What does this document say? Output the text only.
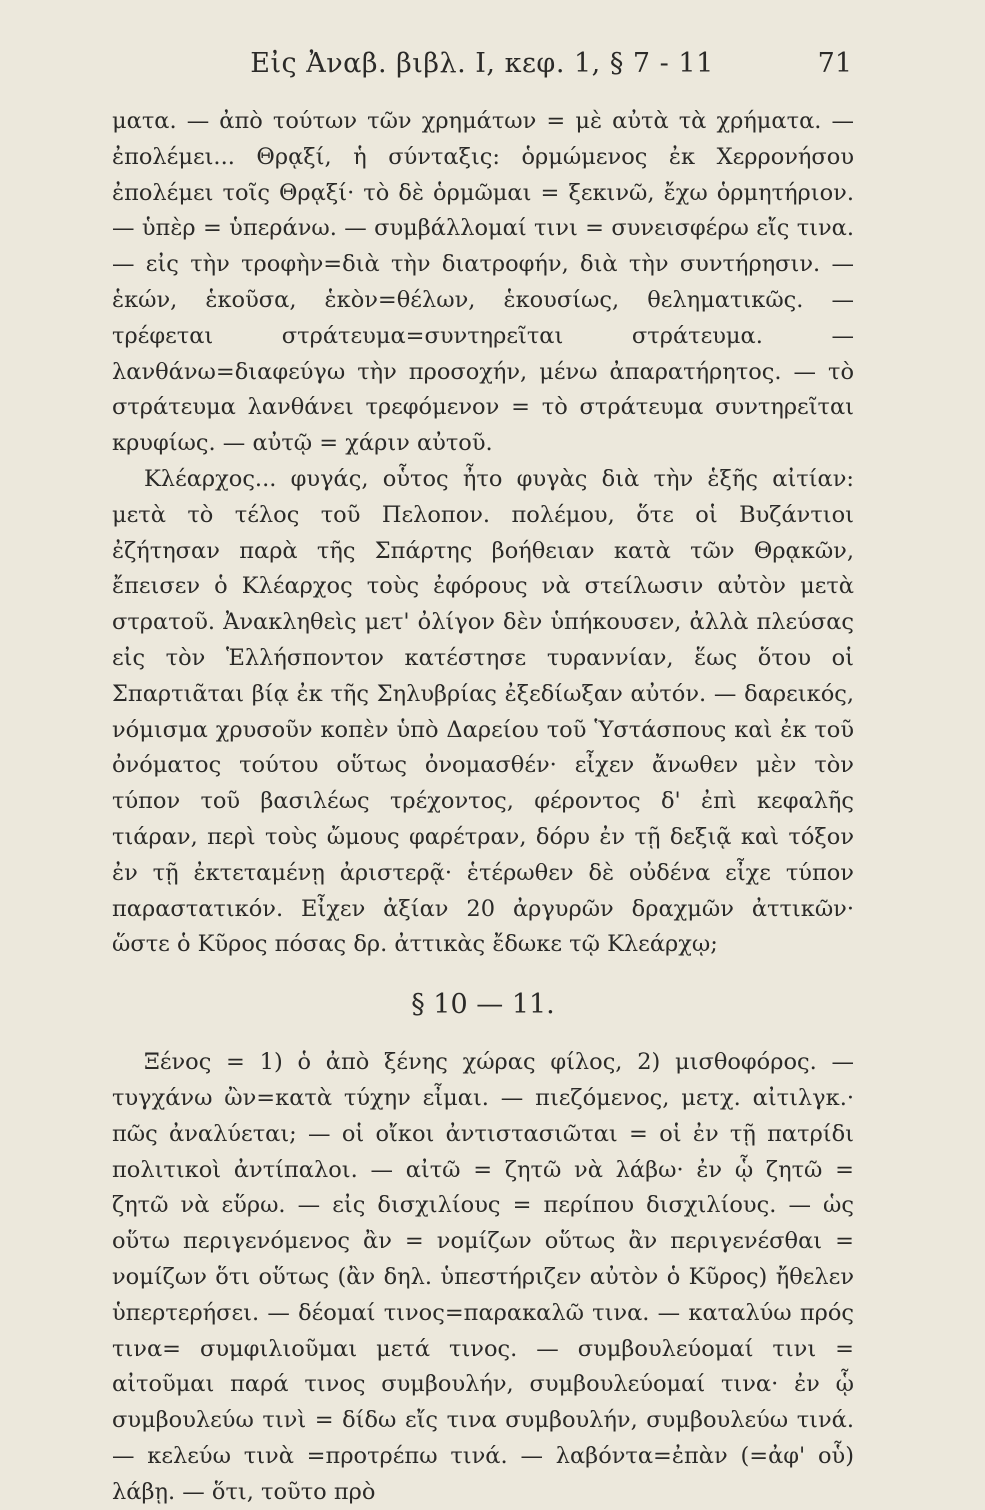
Εἰς Ἀναβ. βιβλ. I, κεφ. 1, § 7 - 11	71

ματα. — ἀπὸ τούτων τῶν χρημάτων = μὲ αὐτὰ τὰ χρήματα. — ἐπολέμει... Θρᾳξί, ἡ σύνταξις: ὁρμώμενος ἐκ Χερρονήσου ἐπολέμει τοῖς Θρᾳξί· τὸ δὲ ὁρμῶμαι = ξεκινῶ, ἔχω ὁρμητήριον. — ὑπὲρ = ὑπεράνω. — συμβάλλομαί τινι = συνεισφέρω εἴς τινα. — εἰς τὴν τροφὴν=διὰ τὴν διατροφήν, διὰ τὴν συντήρησιν. — ἑκών, ἑκοῦσα, ἑκὸν=θέλων, ἑκουσίως, θεληματικῶς. — τρέφεται στράτευμα=συντηρεῖται στράτευμα. — λανθάνω=διαφεύγω τὴν προσοχήν, μένω ἀπαρατήρητος. — τὸ στράτευμα λανθάνει τρεφόμενον = τὸ στράτευμα συντηρεῖται κρυφίως. — αὐτῷ = χάριν αὐτοῦ.

Κλέαρχος... φυγάς, οὗτος ἦτο φυγὰς διὰ τὴν ἑξῆς αἰτίαν: μετὰ τὸ τέλος τοῦ Πελοπον. πολέμου, ὅτε οἱ Βυζάντιοι ἐζήτησαν παρὰ τῆς Σπάρτης βοήθειαν κατὰ τῶν Θρᾳκῶν, ἔπεισεν ὁ Κλέαρχος τοὺς ἐφόρους νὰ στείλωσιν αὐτὸν μετὰ στρατοῦ. Ἀνακληθεὶς μετ' ὀλίγον δὲν ὑπήκουσεν, ἀλλὰ πλεύσας εἰς τὸν Ἑλλήσποντον κατέστησε τυραννίαν, ἕως ὅτου οἱ Σπαρτιᾶται βίᾳ ἐκ τῆς Σηλυβρίας ἐξεδίωξαν αὐτόν. — δαρεικός, νόμισμα χρυσοῦν κοπὲν ὑπὸ Δαρείου τοῦ Ὑστάσπους καὶ ἐκ τοῦ ὀνόματος τούτου οὕτως ὀνομασθέν· εἶχεν ἄνωθεν μὲν τὸν τύπον τοῦ βασιλέως τρέχοντος, φέροντος δ' ἐπὶ κεφαλῆς τιάραν, περὶ τοὺς ὤμους φαρέτραν, δόρυ ἐν τῇ δεξιᾷ καὶ τόξον ἐν τῇ ἐκτεταμένῃ ἀριστερᾷ· ἑτέρωθεν δὲ οὐδένα εἶχε τύπον παραστατικόν. Εἶχεν ἀξίαν 20 ἀργυρῶν δραχμῶν ἀττικῶν· ὥστε ὁ Κῦρος πόσας δρ. ἀττικὰς ἔδωκε τῷ Κλεάρχῳ;

§ 10 — 11.

Ξένος = 1) ὁ ἀπὸ ξένης χώρας φίλος, 2) μισθοφόρος. — τυγχάνω ὢν=κατὰ τύχην εἶμαι. — πιεζόμενος, μετχ. αἰτιλγκ.· πῶς ἀναλύεται; — οἱ οἴκοι ἀντιστασιῶται = οἱ ἐν τῇ πατρίδι πολιτικοὶ ἀντίπαλοι. — αἰτῶ = ζητῶ νὰ λάβω· ἐν ᾧ ζητῶ = ζητῶ νὰ εὕρω. — εἰς δισχιλίους = περίπου δισχιλίους. — ὡς οὕτω περιγενόμενος ἂν = νομίζων οὕτως ἂν περιγενέσθαι = νομίζων ὅτι οὕτως (ἂν δηλ. ὑπεστήριζεν αὐτὸν ὁ Κῦρος) ἤθελεν ὑπερτερήσει. — δέομαί τινος=παρακαλῶ τινα. — καταλύω πρός τινα= συμφιλιοῦμαι μετά τινος. — συμβουλεύομαί τινι = αἰτοῦμαι παρά τινος συμβουλήν, συμβουλεύομαί τινα· ἐν ᾧ συμβουλεύω τινὶ = δίδω εἴς τινα συμβουλήν, συμβουλεύω τινά. — κελεύω τινὰ =προτρέπω τινά. — λαβόντα=ἐπὰν (=ἀφ' οὗ) λάβῃ. — ὅτι, τοῦτο πρὸ
